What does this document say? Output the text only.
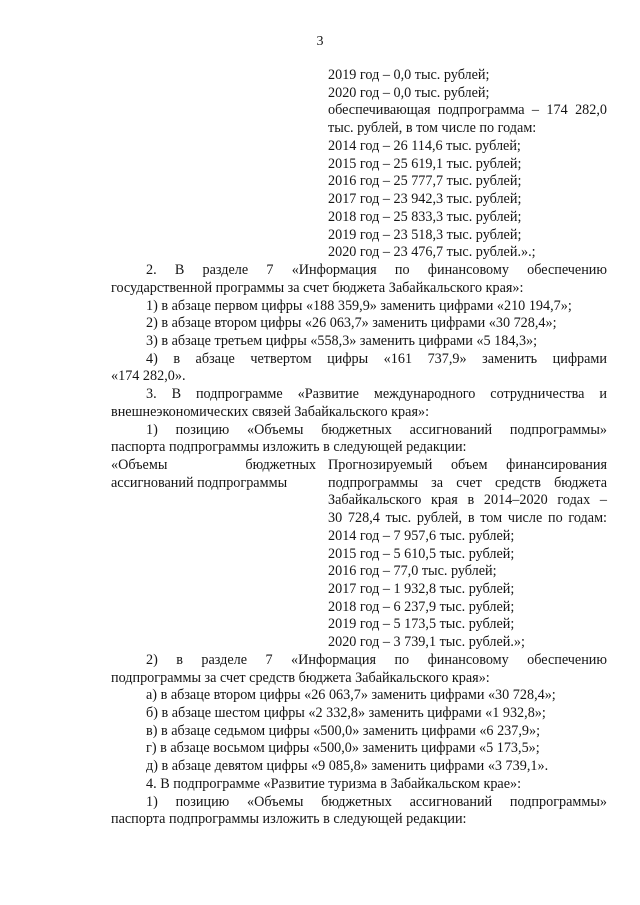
3
2019 год – 0,0 тыс. рублей;
2020 год – 0,0 тыс. рублей;
обеспечивающая подпрограмма – 174 282,0
тыс. рублей, в том числе по годам:
2014 год – 26 114,6 тыс. рублей;
2015 год – 25 619,1 тыс. рублей;
2016 год – 25 777,7 тыс. рублей;
2017 год – 23 942,3 тыс. рублей;
2018 год – 25 833,3 тыс. рублей;
2019 год – 23 518,3 тыс. рублей;
2020 год – 23 476,7 тыс. рублей.».;
2. В разделе 7 «Информация по финансовому обеспечению
государственной программы за счет бюджета Забайкальского края»:
1) в абзаце первом цифры «188 359,9» заменить цифрами «210 194,7»;
2) в абзаце втором цифры «26 063,7» заменить цифрами «30 728,4»;
3) в абзаце третьем цифры «558,3» заменить цифрами «5 184,3»;
4) в абзаце четвертом цифры «161 737,9» заменить цифрами
«174 282,0».
3. В подпрограмме «Развитие международного сотрудничества и
внешнеэкономических связей Забайкальского края»:
1) позицию «Объемы бюджетных ассигнований подпрограммы»
паспорта подпрограммы изложить в следующей редакции:
«Объемы бюджетных
ассигнований подпрограммы
Прогнозируемый объем финансирования
подпрограммы за счет средств бюджета
Забайкальского края в 2014–2020 годах –
30 728,4 тыс. рублей, в том числе по годам:
2014 год – 7 957,6 тыс. рублей;
2015 год – 5 610,5 тыс. рублей;
2016 год – 77,0 тыс. рублей;
2017 год – 1 932,8 тыс. рублей;
2018 год – 6 237,9 тыс. рублей;
2019 год – 5 173,5 тыс. рублей;
2020 год – 3 739,1 тыс. рублей.»;
2) в разделе 7 «Информация по финансовому обеспечению
подпрограммы за счет средств бюджета Забайкальского края»:
а) в абзаце втором цифры «26 063,7» заменить цифрами «30 728,4»;
б) в абзаце шестом цифры «2 332,8» заменить цифрами «1 932,8»;
в) в абзаце седьмом цифры «500,0» заменить цифрами «6 237,9»;
г) в абзаце восьмом цифры «500,0» заменить цифрами «5 173,5»;
д) в абзаце девятом цифры «9 085,8» заменить цифрами «3 739,1».
4. В подпрограмме «Развитие туризма в Забайкальском крае»:
1) позицию «Объемы бюджетных ассигнований подпрограммы»
паспорта подпрограммы изложить в следующей редакции:
